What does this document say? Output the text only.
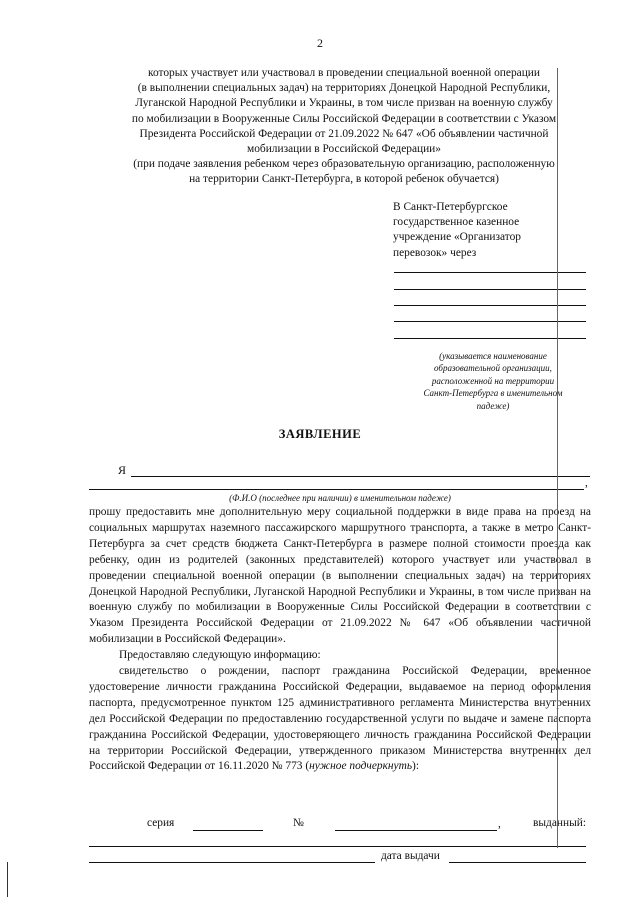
2
которых участвует или участвовал в проведении специальной военной операции
(в выполнении специальных задач) на территориях Донецкой Народной Республики,
Луганской Народной Республики и Украины, в том числе призван на военную службу
по мобилизации в Вооруженные Силы Российской Федерации в соответствии с Указом
Президента Российской Федерации от 21.09.2022 № 647 «Об объявлении частичной
мобилизации в Российской Федерации»
(при подаче заявления ребенком через образовательную организацию, расположенную
на территории Санкт-Петербурга, в которой ребенок обучается)
В Санкт-Петербургское
государственное казенное
учреждение «Организатор
перевозок» через
(указывается наименование
образовательной организации,
расположенной на территории
Санкт-Петербурга в именительном
падеже)
ЗАЯВЛЕНИЕ
Я
,
(Ф.И.О (последнее при наличии) в именительном падеже)
прошу предоставить мне дополнительную меру социальной поддержки в виде права на проезд на социальных маршрутах наземного пассажирского маршрутного транспорта, а также в метро Санкт-Петербурга за счет средств бюджета Санкт-Петербурга в размере полной стоимости проезда как ребенку, один из родителей (законных представителей) которого участвует или участвовал в проведении специальной военной операции (в выполнении специальных задач) на территориях Донецкой Народной Республики, Луганской Народной Республики и Украины, в том числе призван на военную службу по мобилизации в Вооруженные Силы Российской Федерации в соответствии с Указом Президента Российской Федерации от 21.09.2022 № 647 «Об объявлении частичной мобилизации в Российской Федерации».
Предоставляю следующую информацию:
свидетельство о рождении, паспорт гражданина Российской Федерации, временное удостоверение личности гражданина Российской Федерации, выдаваемое на период оформления паспорта, предусмотренное пунктом 125 административного регламента Министерства внутренних дел Российской Федерации по предоставлению государственной услуги по выдаче и замене паспорта гражданина Российской Федерации, удостоверяющего личность гражданина Российской Федерации на территории Российской Федерации, утвержденного приказом Министерства внутренних дел Российской Федерации от 16.11.2020 № 773 (нужное подчеркнуть):
серия	№	,	выданный:
дата выдачи
